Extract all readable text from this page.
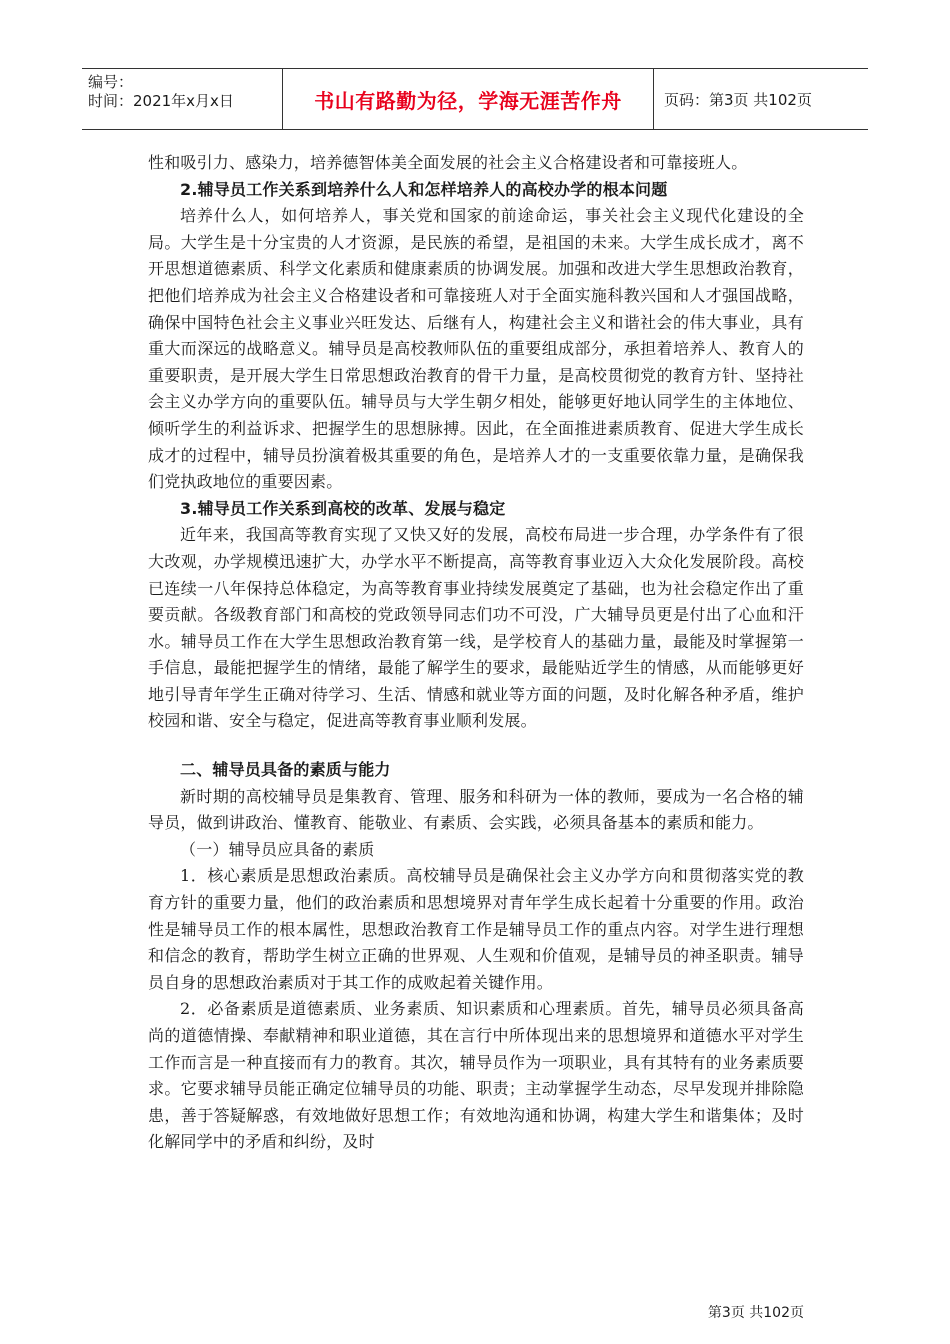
编号：
时间：2021年x月x日	书山有路勤为径，学海无涯苦作舟	页码：第3页 共102页

性和吸引力、感染力，培养德智体美全面发展的社会主义合格建设者和可靠接班人。

2.辅导员工作关系到培养什么人和怎样培养人的高校办学的根本问题

培养什么人，如何培养人，事关党和国家的前途命运，事关社会主义现代化建设的全局。大学生是十分宝贵的人才资源，是民族的希望，是祖国的未来。大学生成长成才，离不开思想道德素质、科学文化素质和健康素质的协调发展。加强和改进大学生思想政治教育，把他们培养成为社会主义合格建设者和可靠接班人对于全面实施科教兴国和人才强国战略，确保中国特色社会主义事业兴旺发达、后继有人，构建社会主义和谐社会的伟大事业，具有重大而深远的战略意义。辅导员是高校教师队伍的重要组成部分，承担着培养人、教育人的重要职责，是开展大学生日常思想政治教育的骨干力量，是高校贯彻党的教育方针、坚持社会主义办学方向的重要队伍。辅导员与大学生朝夕相处，能够更好地认同学生的主体地位、倾听学生的利益诉求、把握学生的思想脉搏。因此，在全面推进素质教育、促进大学生成长成才的过程中，辅导员扮演着极其重要的角色，是培养人才的一支重要依靠力量，是确保我们党执政地位的重要因素。

3.辅导员工作关系到高校的改革、发展与稳定

近年来，我国高等教育实现了又快又好的发展，高校布局进一步合理，办学条件有了很大改观，办学规模迅速扩大，办学水平不断提高，高等教育事业迈入大众化发展阶段。高校已连续一八年保持总体稳定，为高等教育事业持续发展奠定了基础，也为社会稳定作出了重要贡献。各级教育部门和高校的党政领导同志们功不可没，广大辅导员更是付出了心血和汗水。辅导员工作在大学生思想政治教育第一线，是学校育人的基础力量，最能及时掌握第一手信息，最能把握学生的情绪，最能了解学生的要求，最能贴近学生的情感，从而能够更好地引导青年学生正确对待学习、生活、情感和就业等方面的问题，及时化解各种矛盾，维护校园和谐、安全与稳定，促进高等教育事业顺利发展。

二、辅导员具备的素质与能力

新时期的高校辅导员是集教育、管理、服务和科研为一体的教师，要成为一名合格的辅导员，做到讲政治、懂教育、能敬业、有素质、会实践，必须具备基本的素质和能力。

（一）辅导员应具备的素质

1．核心素质是思想政治素质。高校辅导员是确保社会主义办学方向和贯彻落实党的教育方针的重要力量，他们的政治素质和思想境界对青年学生成长起着十分重要的作用。政治性是辅导员工作的根本属性，思想政治教育工作是辅导员工作的重点内容。对学生进行理想和信念的教育，帮助学生树立正确的世界观、人生观和价值观，是辅导员的神圣职责。辅导员自身的思想政治素质对于其工作的成败起着关键作用。

2．必备素质是道德素质、业务素质、知识素质和心理素质。首先，辅导员必须具备高尚的道德情操、奉献精神和职业道德，其在言行中所体现出来的思想境界和道德水平对学生工作而言是一种直接而有力的教育。其次，辅导员作为一项职业，具有其特有的业务素质要求。它要求辅导员能正确定位辅导员的功能、职责；主动掌握学生动态，尽早发现并排除隐患，善于答疑解惑，有效地做好思想工作；有效地沟通和协调，构建大学生和谐集体；及时化解同学中的矛盾和纠纷，及时

第3页 共102页
